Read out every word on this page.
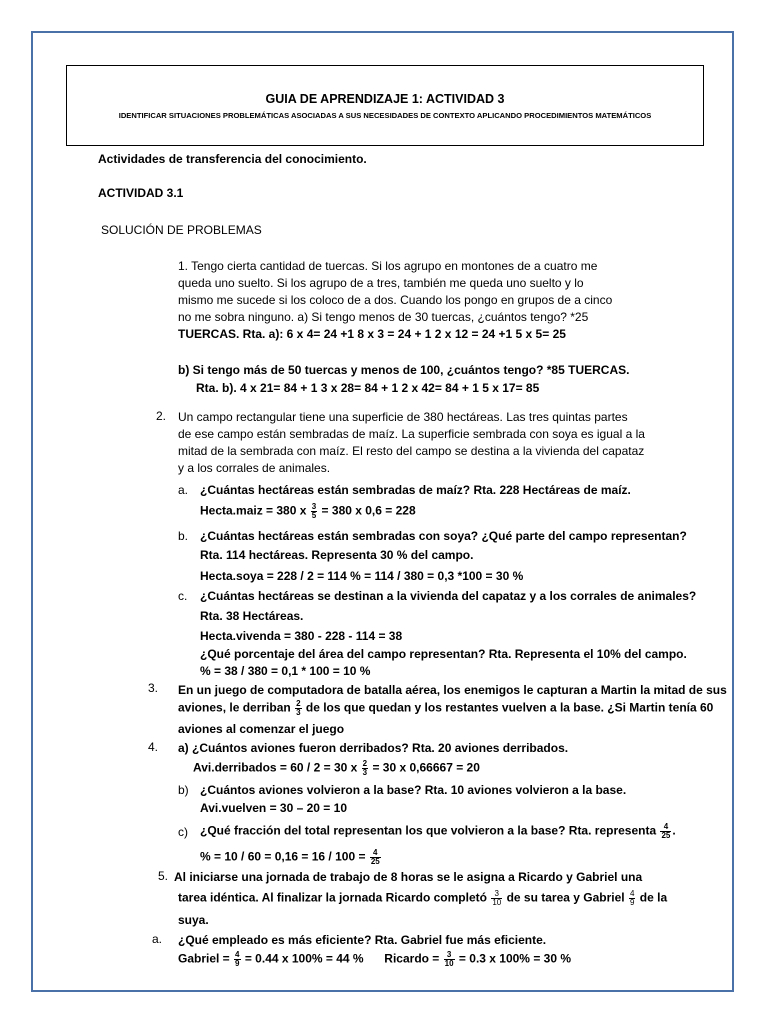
GUIA DE APRENDIZAJE 1: ACTIVIDAD 3
IDENTIFICAR SITUACIONES PROBLEMÁTICAS ASOCIADAS A SUS NECESIDADES DE CONTEXTO APLICANDO PROCEDIMIENTOS MATEMÁTICOS
Actividades de transferencia del conocimiento.
ACTIVIDAD 3.1
SOLUCIÓN DE PROBLEMAS
1. Tengo cierta cantidad de tuercas. Si los agrupo en montones de a cuatro me
queda uno suelto. Si los agrupo de a tres, también me queda uno suelto y lo
mismo me sucede si los coloco de a dos. Cuando los pongo en grupos de a cinco
no me sobra ninguno. a) Si tengo menos de 30 tuercas, ¿cuántos tengo? *25
TUERCAS. Rta. a): 6 x 4= 24 +1 8 x 3 = 24 + 1 2 x 12 = 24 +1 5 x 5= 25
b) Si tengo más de 50 tuercas y menos de 100, ¿cuántos tengo? *85 TUERCAS.
Rta. b). 4 x 21= 84 + 1 3 x 28= 84 + 1 2 x 42= 84 + 1 5 x 17= 85
2. Un campo rectangular tiene una superficie de 380 hectáreas. Las tres quintas partes
de ese campo están sembradas de maíz. La superficie sembrada con soya es igual a la
mitad de la sembrada con maíz. El resto del campo se destina a la vivienda del capataz
y a los corrales de animales.
a. ¿Cuántas hectáreas están sembradas de maíz? Rta. 228 Hectáreas de maíz.
Hecta.maiz = 380 x $\frac{3}{5} = 380$ x 0,6 = 228
b. ¿Cuántas hectáreas están sembradas con soya? ¿Qué parte del campo representan?
Rta. 114 hectáreas. Representa 30 % del campo.
Hecta.soya = 228 / 2 = 114 % = 114 / 380 = 0,3 *100 = 30 %
c. ¿Cuántas hectáreas se destinan a la vivienda del capataz y a los corrales de animales?
Rta. 38 Hectáreas.
Hecta.vivenda = 380 - 228 - 114 = 38
¿Qué porcentaje del área del campo representan? Rta. Representa el 10% del campo.
% = 38 / 380 = 0,1 * 100 = 10 %
3. En un juego de computadora de batalla aérea, los enemigos le capturan a Martin la mitad de sus
aviones, le derriban $\frac{2}{3}$ de los que quedan y los restantes vuelven a la base. ¿Si Martin tenía 60
aviones al comenzar el juego
4. a) ¿Cuántos aviones fueron derribados? Rta. 20 aviones derribados.
Avi.derribados = 60 / 2 = 30 x $\frac{2}{3} = 30$ x 0,66667 = 20
b) ¿Cuántos aviones volvieron a la base? Rta. 10 aviones volvieron a la base.
Avi.vuelven = 30 – 20 = 10
c) ¿Qué fracción del total representan los que volvieron a la base? Rta. representa $\frac{4}{25}$ .
% = $10 / 60 = 0,16 = 16 / 100 = \frac{4}{25}$
5. Al iniciarse una jornada de trabajo de 8 horas se le asigna a Ricardo y Gabriel una
tarea idéntica. Al finalizar la jornada Ricardo completó $\frac{3}{10}$ de su tarea y Gabriel $\frac{4}{9}$ de la
suya.
a. ¿Qué empleado es más eficiente? Rta. Gabriel fue más eficiente.
Gabriel = $\frac{4}{9} = 0.44$ x 100% = 44 % Ricardo = $\frac{3}{10} = 0.3$ x 100% = 30 %
